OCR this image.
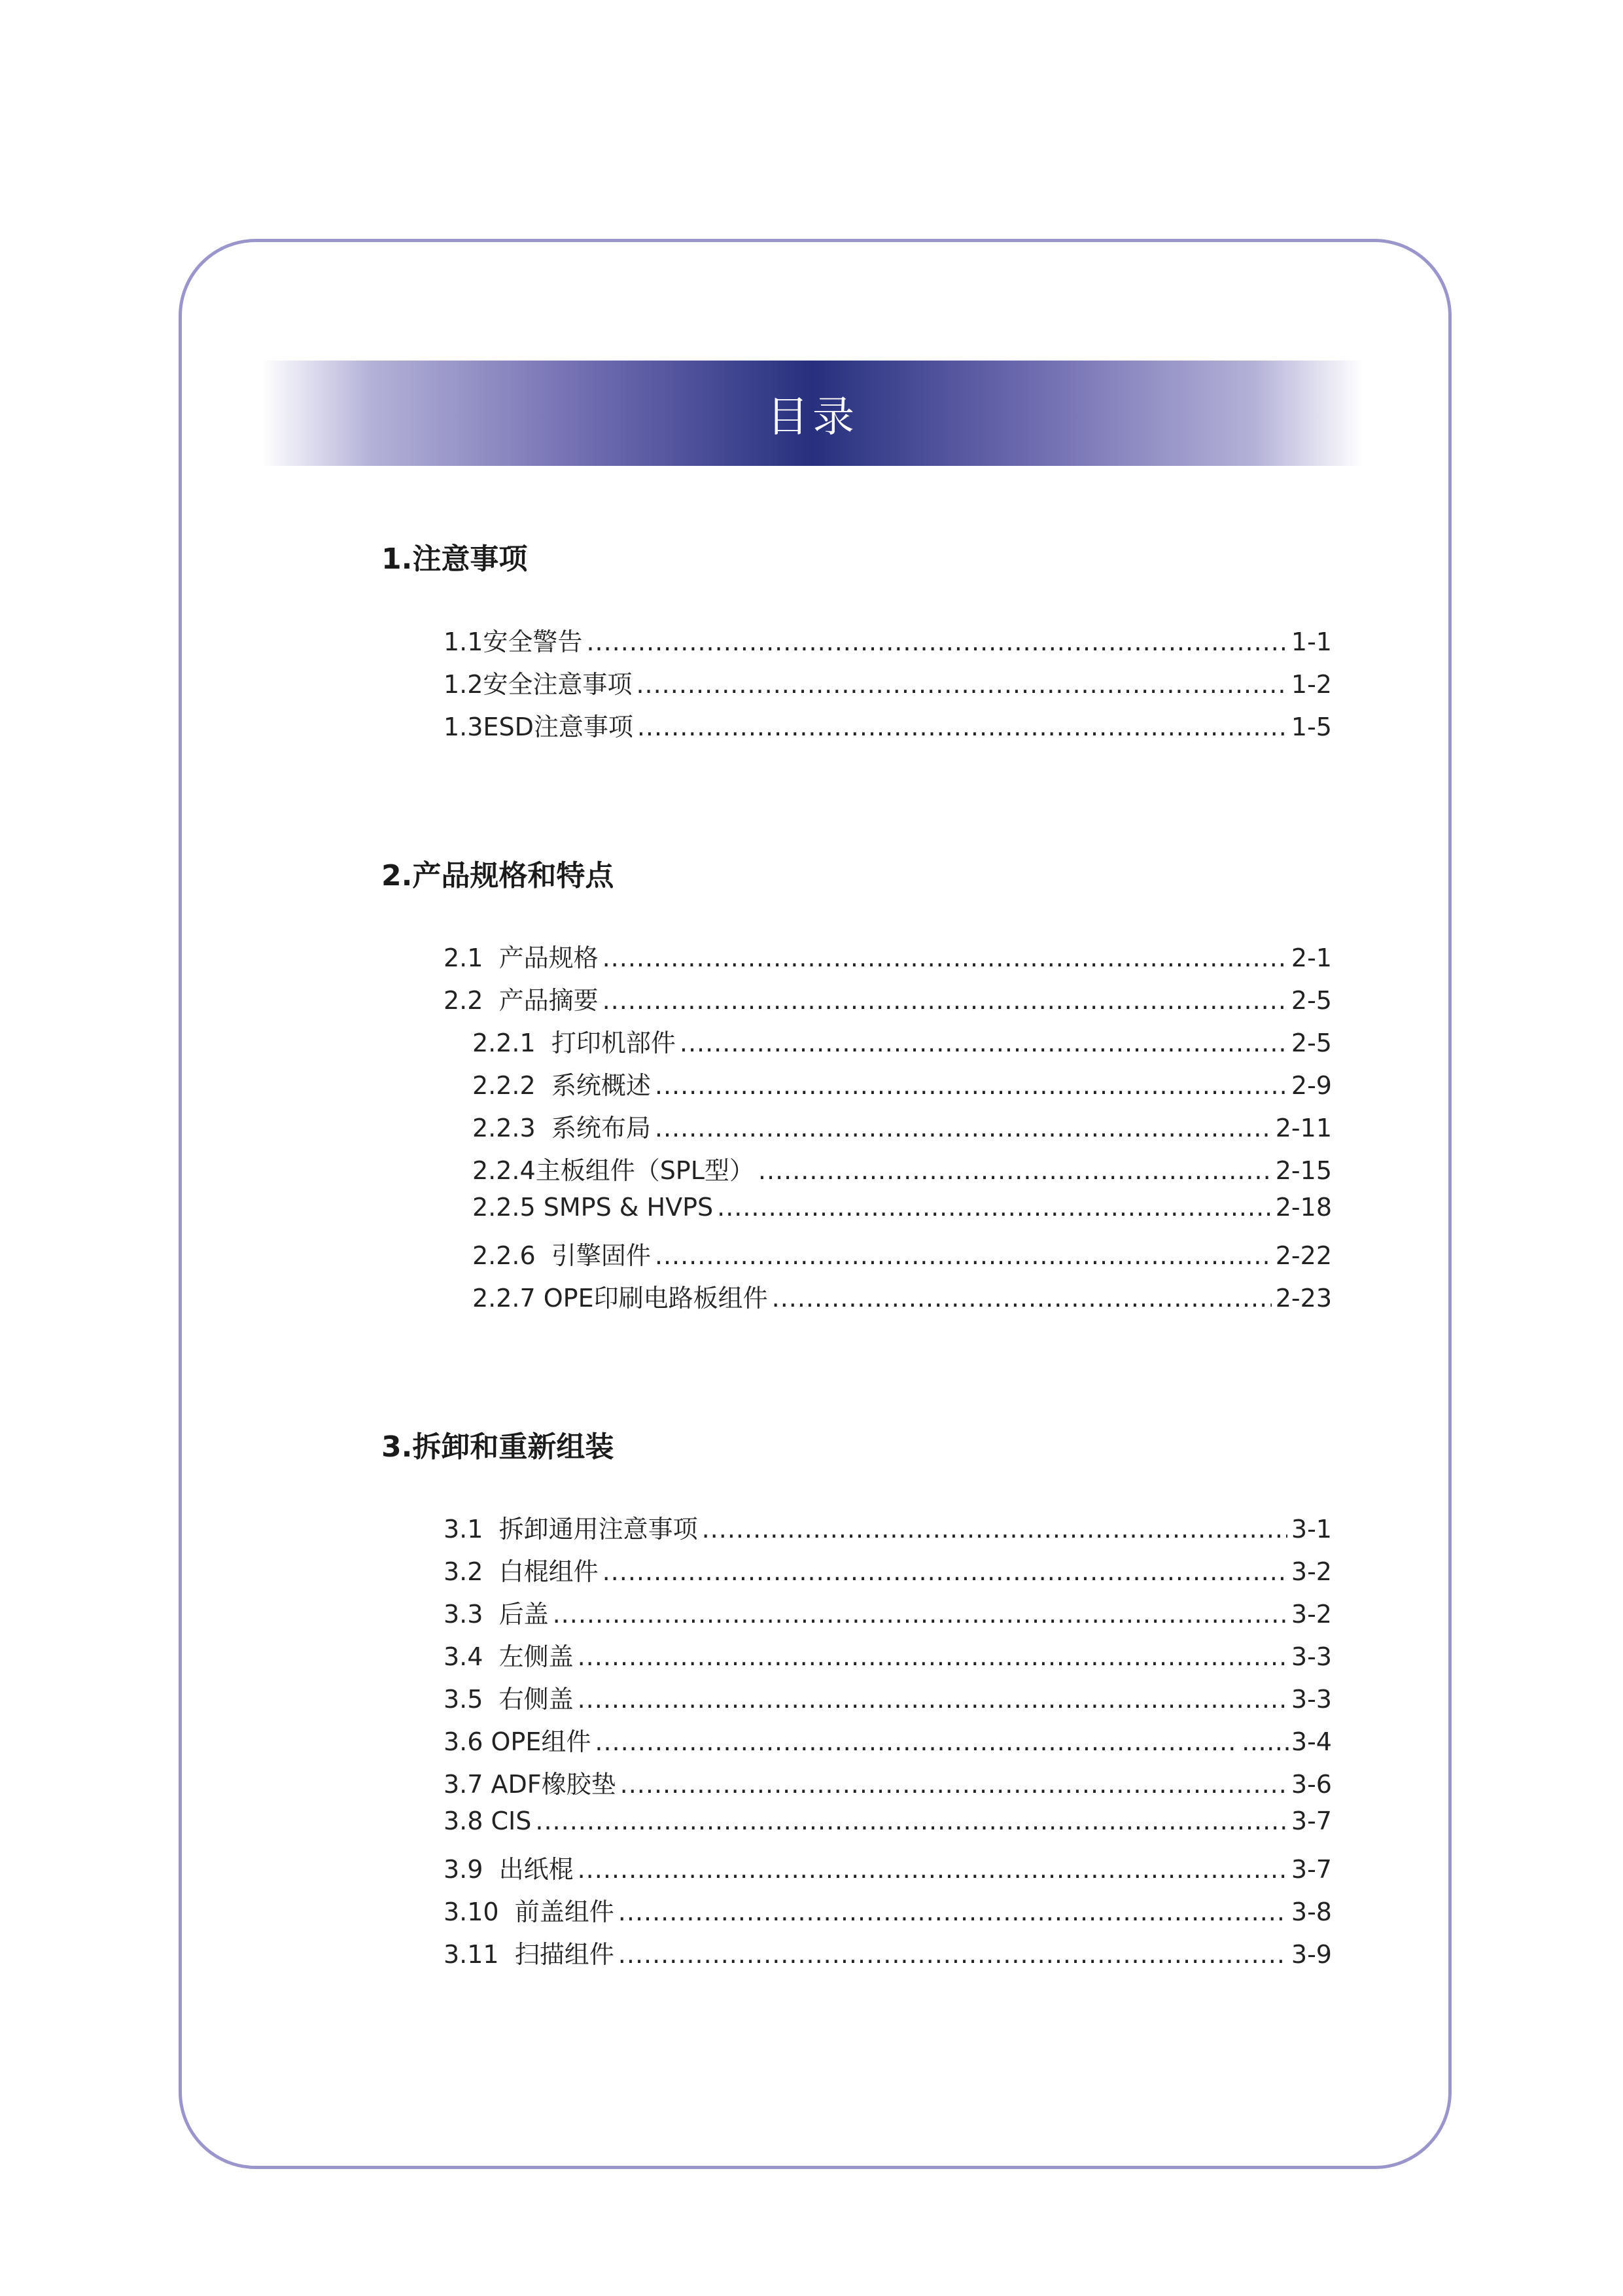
目录
1.注意事项
1.1安全警告 .....	1-1
1.2安全注意事项 .....	1-2
1.3ESD注意事项 .....	1-5
2.产品规格和特点
2.1  产品规格 .....	2-1
2.2  产品摘要 .....	2-5
2.2.1  打印机部件 .....	2-5
2.2.2  系统概述 .....	2-9
2.2.3  系统布局 .....	2-11
2.2.4主板组件（SPL型） .....	2-15
2.2.5 SMPS & HVPS .....	2-18
2.2.6  引擎固件 .....	2-22
2.2.7 OPE印刷电路板组件 .....	2-23
3.拆卸和重新组装
3.1  拆卸通用注意事项 .....	3-1
3.2  白棍组件 .....	3-2
3.3  后盖 .....	3-2
3.4  左侧盖 .....	3-3
3.5  右侧盖 .....	3-3
3.6 OPE组件 .....	……3-4
3.7 ADF橡胶垫 .....	3-6
3.8 CIS .....	3-7
3.9  出纸棍 .....	3-7
3.10  前盖组件 .....	3-8
3.11  扫描组件 .....	3-9
